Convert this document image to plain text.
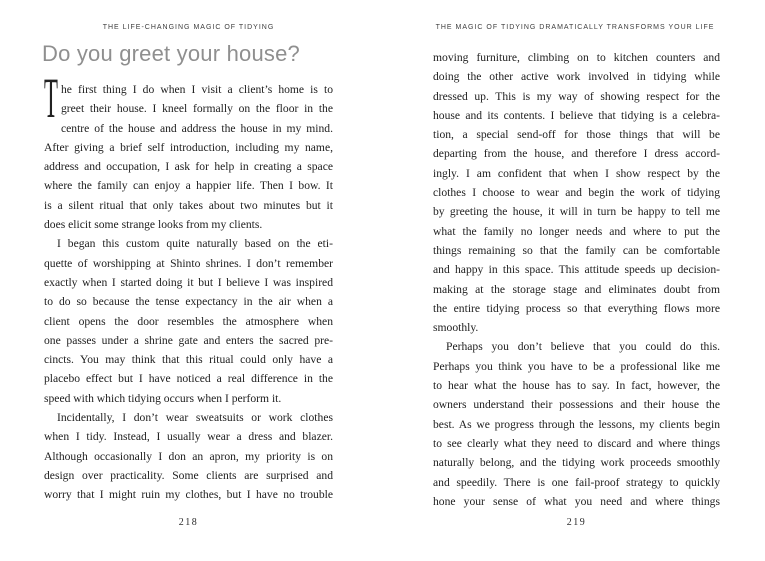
THE LIFE-CHANGING MAGIC OF TIDYING
Do you greet your house?
T he first thing I do when I visit a client’s home is to
greet their house. I kneel formally on the floor in the
centre of the house and address the house in my mind.
After giving a brief self introduction, including my name,
address and occupation, I ask for help in creating a space
where the family can enjoy a happier life. Then I bow. It
is a silent ritual that only takes about two minutes but it
does elicit some strange looks from my clients.
I began this custom quite naturally based on the eti-
quette of worshipping at Shinto shrines. I don’t remember
exactly when I started doing it but I believe I was inspired
to do so because the tense expectancy in the air when a
client opens the door resembles the atmosphere when
one passes under a shrine gate and enters the sacred pre-
cincts. You may think that this ritual could only have a
placebo effect but I have noticed a real difference in the
speed with which tidying occurs when I perform it.
Incidentally, I don’t wear sweatsuits or work clothes
when I tidy. Instead, I usually wear a dress and blazer.
Although occasionally I don an apron, my priority is on
design over practicality. Some clients are surprised and
worry that I might ruin my clothes, but I have no trouble
THE MAGIC OF TIDYING DRAMATICALLY TRANSFORMS YOUR LIFE
moving furniture, climbing on to kitchen counters and
doing the other active work involved in tidying while
dressed up. This is my way of showing respect for the
house and its contents. I believe that tidying is a celebra-
tion, a special send-off for those things that will be
departing from the house, and therefore I dress accord-
ingly. I am confident that when I show respect by the
clothes I choose to wear and begin the work of tidying
by greeting the house, it will in turn be happy to tell me
what the family no longer needs and where to put the
things remaining so that the family can be comfortable
and happy in this space. This attitude speeds up decision-
making at the storage stage and eliminates doubt from
the entire tidying process so that everything flows more
smoothly.
Perhaps you don’t believe that you could do this.
Perhaps you think you have to be a professional like me
to hear what the house has to say. In fact, however, the
owners understand their possessions and their house the
best. As we progress through the lessons, my clients begin
to see clearly what they need to discard and where things
naturally belong, and the tidying work proceeds smoothly
and speedily. There is one fail-proof strategy to quickly
hone your sense of what you need and where things
218	219
